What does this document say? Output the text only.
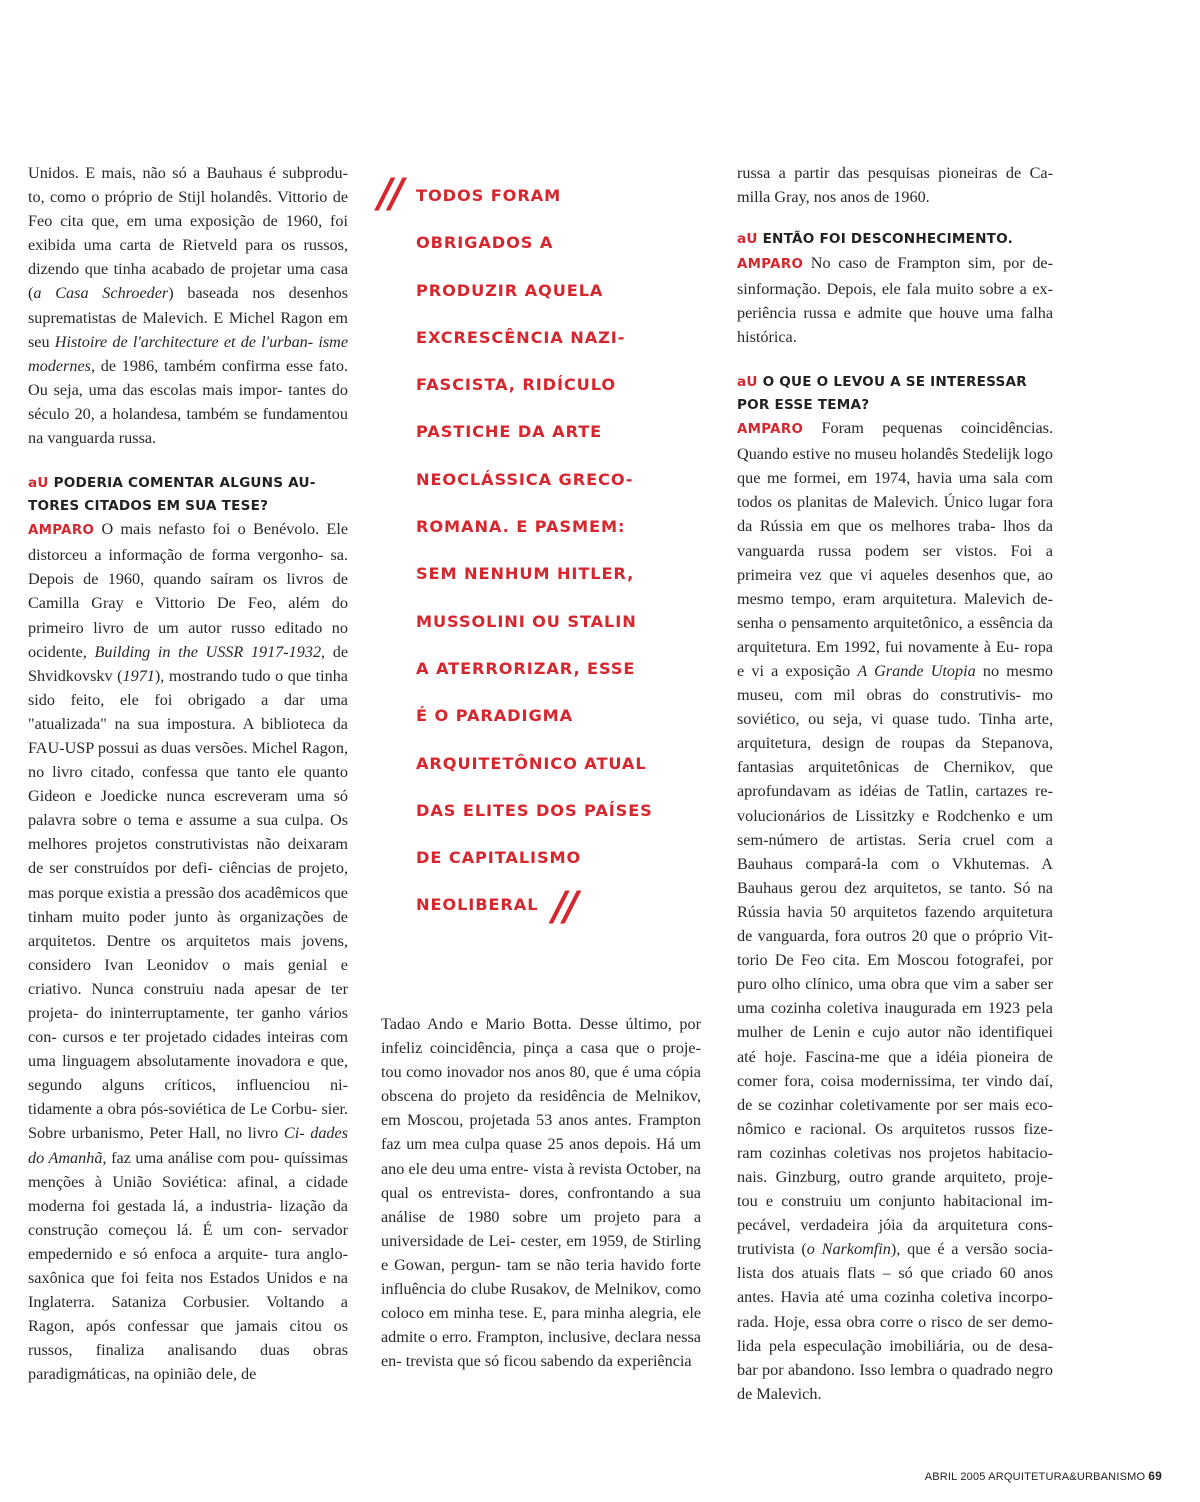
Unidos. E mais, não só a Bauhaus é subprodu- to, como o próprio de Stijl holandês. Vittorio de Feo cita que, em uma exposição de 1960, foi exibida uma carta de Rietveld para os russos, dizendo que tinha acabado de projetar uma casa (a Casa Schroeder) baseada nos desenhos suprematistas de Malevich. E Michel Ragon em seu Histoire de l'architecture et de l'urban- isme modernes, de 1986, também confirma esse fato. Ou seja, uma das escolas mais impor- tantes do século 20, a holandesa, também se fundamentou na vanguarda russa.

aU PODERIA COMENTAR ALGUNS AU- TORES CITADOS EM SUA TESE?

AMPARO O mais nefasto foi o Benévolo. Ele distorceu a informação de forma vergonho- sa. Depois de 1960, quando saíram os livros de Camilla Gray e Vittorio De Feo, além do primeiro livro de um autor russo editado no ocidente, Building in the USSR 1917-1932, de Shvidkovskv (1971), mostrando tudo o que tinha sido feito, ele foi obrigado a dar uma "atualizada" na sua impostura. A biblioteca da FAU-USP possui as duas versões. Michel Ragon, no livro citado, confessa que tanto ele quanto Gideon e Joedicke nunca escreveram uma só palavra sobre o tema e assume a sua culpa. Os melhores projetos construtivistas não deixaram de ser construídos por defi- ciências de projeto, mas porque existia a pressão dos acadêmicos que tinham muito poder junto às organizações de arquitetos. Dentre os arquitetos mais jovens, considero Ivan Leonidov o mais genial e criativo. Nunca construiu nada apesar de ter projeta- do ininterruptamente, ter ganho vários con- cursos e ter projetado cidades inteiras com uma linguagem absolutamente inovadora e que, segundo alguns críticos, influenciou ni- tidamente a obra pós-soviética de Le Corbu- sier. Sobre urbanismo, Peter Hall, no livro Ci- dades do Amanhã, faz uma análise com pou- quíssimas menções à União Soviética: afinal, a cidade moderna foi gestada lá, a industria- lização da construção começou lá. É um con- servador empedernido e só enfoca a arquite- tura anglo-saxônica que foi feita nos Estados Unidos e na Inglaterra. Sataniza Corbusier. Voltando a Ragon, após confessar que jamais citou os russos, finaliza analisando duas obras paradigmáticas, na opinião dele, de

// TODOS FORAM
OBRIGADOS A
PRODUZIR AQUELA
EXCRESCÊNCIA NAZI-
FASCISTA, RIDÍCULO
PASTICHE DA ARTE
NEOCLÁSSICA GRECO-
ROMANA. E PASMEM:
SEM NENHUM HITLER,
MUSSOLINI OU STALIN
A ATERRORIZAR, ESSE
É O PARADIGMA
ARQUITETÔNICO ATUAL
DAS ELITES DOS PAÍSES
DE CAPITALISMO
NEOLIBERAL //

Tadao Ando e Mario Botta. Desse último, por infeliz coincidência, pinça a casa que o proje- tou como inovador nos anos 80, que é uma cópia obscena do projeto da residência de Melnikov, em Moscou, projetada 53 anos antes. Frampton faz um mea culpa quase 25 anos depois. Há um ano ele deu uma entre- vista à revista October, na qual os entrevista- dores, confrontando a sua análise de 1980 sobre um projeto para a universidade de Lei- cester, em 1959, de Stirling e Gowan, pergun- tam se não teria havido forte influência do clube Rusakov, de Melnikov, como coloco em minha tese. E, para minha alegria, ele admite o erro. Frampton, inclusive, declara nessa en- trevista que só ficou sabendo da experiência

russa a partir das pesquisas pioneiras de Ca- milla Gray, nos anos de 1960.

aU ENTÃO FOI DESCONHECIMENTO.

AMPARO No caso de Frampton sim, por de- sinformação. Depois, ele fala muito sobre a ex- periência russa e admite que houve uma falha histórica.

aU O QUE O LEVOU A SE INTERESSAR POR ESSE TEMA?

AMPARO Foram pequenas coincidências. Quando estive no museu holandês Stedelijk logo que me formei, em 1974, havia uma sala com todos os planitas de Malevich. Único lugar fora da Rússia em que os melhores traba- lhos da vanguarda russa podem ser vistos. Foi a primeira vez que vi aqueles desenhos que, ao mesmo tempo, eram arquitetura. Malevich de- senha o pensamento arquitetônico, a essência da arquitetura. Em 1992, fui novamente à Eu- ropa e vi a exposição A Grande Utopia no mesmo museu, com mil obras do construtivis- mo soviético, ou seja, vi quase tudo. Tinha arte, arquitetura, design de roupas da Stepanova, fantasias arquitetônicas de Chernikov, que aprofundavam as idéias de Tatlin, cartazes re- volucionários de Lissitzky e Rodchenko e um sem-número de artistas. Seria cruel com a Bauhaus compará-la com o Vkhutemas. A Bauhaus gerou dez arquitetos, se tanto. Só na Rússia havia 50 arquitetos fazendo arquitetura de vanguarda, fora outros 20 que o próprio Vit- torio De Feo cita. Em Moscou fotografei, por puro olho clínico, uma obra que vim a saber ser uma cozinha coletiva inaugurada em 1923 pela mulher de Lenin e cujo autor não identifiquei até hoje. Fascina-me que a idéia pioneira de comer fora, coisa modernissima, ter vindo daí, de se cozinhar coletivamente por ser mais eco- nômico e racional. Os arquitetos russos fize- ram cozinhas coletivas nos projetos habitacio- nais. Ginzburg, outro grande arquiteto, proje- tou e construiu um conjunto habitacional im- pecável, verdadeira jóia da arquitetura cons- trutivista (o Narkomfin), que é a versão socia- lista dos atuais flats – só que criado 60 anos antes. Havia até uma cozinha coletiva incorpo- rada. Hoje, essa obra corre o risco de ser demo- lida pela especulação imobiliária, ou de desa- bar por abandono. Isso lembra o quadrado negro de Malevich.

ABRIL 2005 ARQUITETURA&URBANISMO 69
